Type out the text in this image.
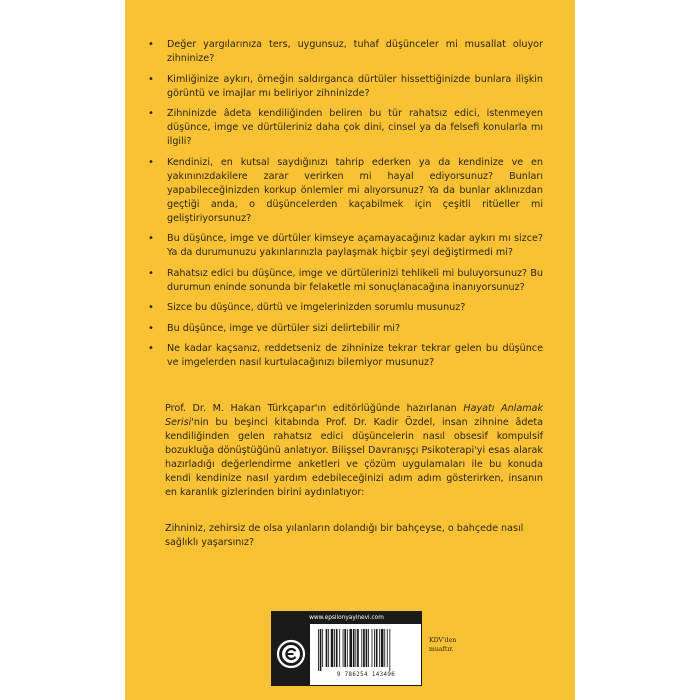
• Değer yargılarınıza ters, uygunsuz, tuhaf düşünceler mi musallat oluyor zihninize?
• Kimliğinize aykırı, örneğin saldırganca dürtüler hissettiğinizde bunlara ilişkin görüntü ve imajlar mı beliriyor zihninizde?
• Zihninizde âdeta kendiliğinden beliren bu tür rahatsız edici, istenmeyen düşünce, imge ve dürtüleriniz daha çok dini, cinsel ya da felsefi konularla mı ilgili?
• Kendinizi, en kutsal saydığınızı tahrip ederken ya da kendinize ve en yakınınızdakilere zarar verirken mi hayal ediyorsunuz? Bunları yapabileceğinizden korkup önlemler mi alıyorsunuz? Ya da bunlar aklınızdan geçtiği anda, o düşüncelerden kaçabilmek için çeşitli ritüeller mi geliştiriyorsunuz?
• Bu düşünce, imge ve dürtüler kimseye açamayacağınız kadar aykırı mı sizce? Ya da durumunuzu yakınlarınızla paylaşmak hiçbir şeyi değiştirmedi mi?
• Rahatsız edici bu düşünce, imge ve dürtülerinizi tehlikeli mi buluyorsunuz? Bu durumun eninde sonunda bir felaketle mi sonuçlanacağına inanıyorsunuz?
• Sizce bu düşünce, dürtü ve imgelerinizden sorumlu musunuz?
• Bu düşünce, imge ve dürtüler sizi delirtebilir mi?
• Ne kadar kaçsanız, reddetseniz de zihninize tekrar tekrar gelen bu düşünce ve imgelerden nasıl kurtulacağınızı bilemiyor musunuz?

Prof. Dr. M. Hakan Türkçapar'ın editörlüğünde hazırlanan Hayatı Anlamak Serisi'nin bu beşinci kitabında Prof. Dr. Kadir Özdel, insan zihnine âdeta kendiliğinden gelen rahatsız edici düşüncelerin nasıl obsesif kompulsif bozukluğa dönüştüğünü anlatıyor. Bilişsel Davranışçı Psikoterapi'yi esas alarak hazırladığı değerlendirme anketleri ve çözüm uygulamaları ile bu konuda kendi kendinize nasıl yardım edebileceğinizi adım adım gösterirken, insanın en karanlık gizlerinden birini aydınlatıyor:

Zihniniz, zehirsiz de olsa yılanların dolandığı bir bahçeyse, o bahçede nasıl sağlıklı yaşarsınız?

www.epsilonyayinevi.com
9 786254 143496
KDV'den
muaftır.
